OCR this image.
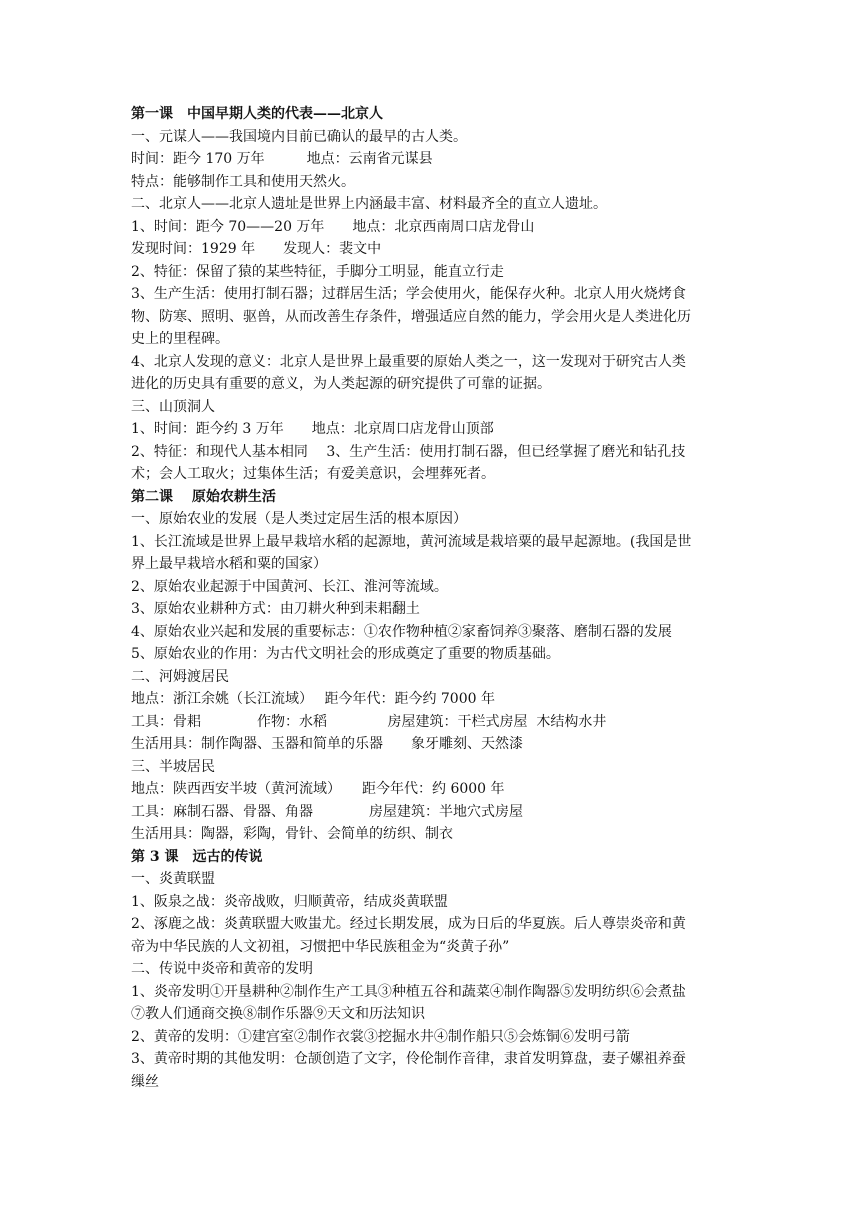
第一课　中国早期人类的代表——北京人
一、元谋人——我国境内目前已确认的最早的古人类。
时间：距今 170 万年　　　地点：云南省元谋县
特点：能够制作工具和使用天然火。
二、北京人——北京人遗址是世界上内涵最丰富、材料最齐全的直立人遗址。
1、时间：距今 70——20 万年　　地点：北京西南周口店龙骨山
发现时间：1929 年　　发现人：裴文中
2、特征：保留了猿的某些特征，手脚分工明显，能直立行走
3、生产生活：使用打制石器；过群居生活；学会使用火，能保存火种。北京人用火烧烤食
物、防寒、照明、驱兽，从而改善生存条件，增强适应自然的能力，学会用火是人类进化历
史上的里程碑。
4、北京人发现的意义：北京人是世界上最重要的原始人类之一，这一发现对于研究古人类
进化的历史具有重要的意义，为人类起源的研究提供了可靠的证据。
三、山顶洞人
1、时间：距今约 3 万年　　地点：北京周口店龙骨山顶部
2、特征：和现代人基本相同　 3、生产生活：使用打制石器，但已经掌握了磨光和钻孔技
术；会人工取火；过集体生活；有爱美意识，会埋葬死者。
第二课　 原始农耕生活
一、原始农业的发展（是人类过定居生活的根本原因）
1、长江流域是世界上最早栽培水稻的起源地，黄河流域是栽培粟的最早起源地。(我国是世
界上最早栽培水稻和粟的国家）
2、原始农业起源于中国黄河、长江、淮河等流域。
3、原始农业耕种方式：由刀耕火种到耒耜翻土
4、原始农业兴起和发展的重要标志：①农作物种植②家畜饲养③聚落、磨制石器的发展
5、原始农业的作用：为古代文明社会的形成奠定了重要的物质基础。
二、河姆渡居民
地点：浙江余姚（长江流域）　 距今年代：距今约 7000 年
工具：骨耜　　　　作物：水稻　　　　 房屋建筑：干栏式房屋  木结构水井
生活用具：制作陶器、玉器和简单的乐器　　象牙雕刻、天然漆
三、半坡居民
地点：陕西西安半坡（黄河流域）　　距今年代：约 6000 年
工具：麻制石器、骨器、角器　　　　房屋建筑：半地穴式房屋
生活用具：陶器，彩陶，骨针、会简单的纺织、制衣
第 3 课　远古的传说
一、炎黄联盟
1、阪泉之战：炎帝战败，归顺黄帝，结成炎黄联盟
2、涿鹿之战：炎黄联盟大败蚩尤。经过长期发展，成为日后的华夏族。后人尊崇炎帝和黄
帝为中华民族的人文初祖，习惯把中华民族租金为“炎黄子孙”
二、传说中炎帝和黄帝的发明
1、炎帝发明①开垦耕种②制作生产工具③种植五谷和蔬菜④制作陶器⑤发明纺织⑥会煮盐
⑦教人们通商交换⑧制作乐器⑨天文和历法知识
2、黄帝的发明：①建宫室②制作衣裳③挖掘水井④制作船只⑤会炼铜⑥发明弓箭
3、黄帝时期的其他发明：仓颉创造了文字，伶伦制作音律，隶首发明算盘，妻子嫘祖养蚕
缫丝
